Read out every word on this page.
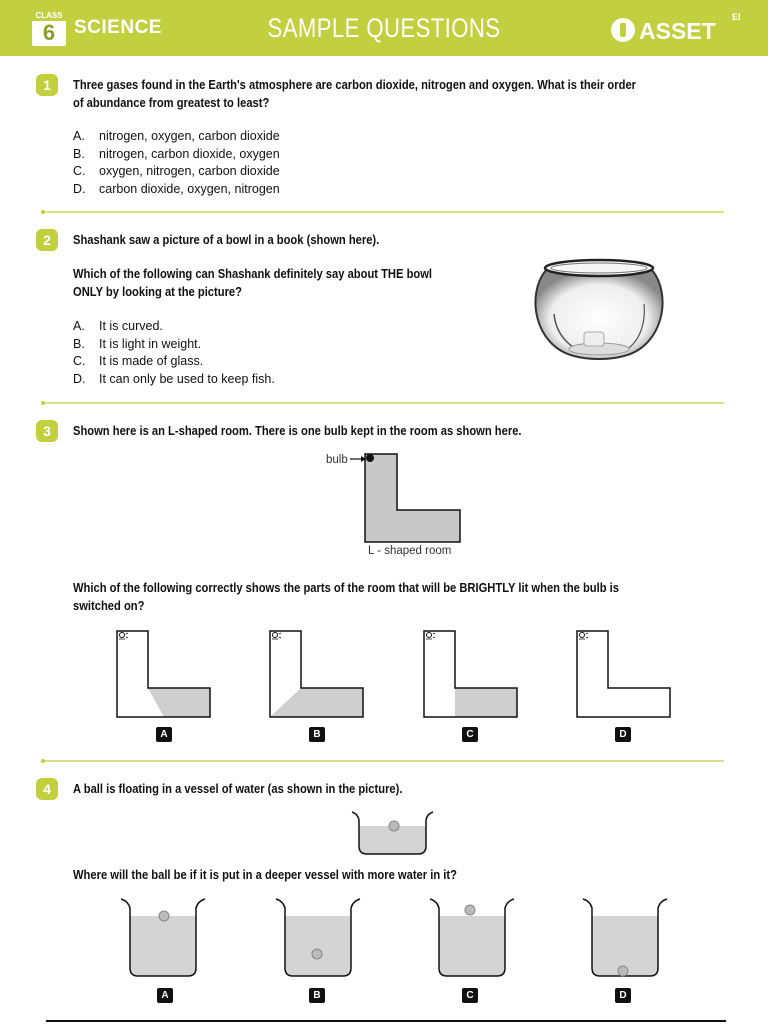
CLASS
6 SCIENCE	SAMPLE QUESTIONS	ASSET
EI
1	Three gases found in the Earth's atmosphere are carbon dioxide, nitrogen and oxygen. What is their order
of abundance from greatest to least?
A.	nitrogen, oxygen, carbon dioxide
B.	nitrogen, carbon dioxide, oxygen
C.	oxygen, nitrogen, carbon dioxide
D.	carbon dioxide, oxygen, nitrogen
2	Shashank saw a picture of a bowl in a book (shown here).
Which of the following can Shashank definitely say about THE bowl
ONLY by looking at the picture?
A.	It is curved.
B.	It is light in weight.
C.	It is made of glass.
D.	It can only be used to keep fish.
3	Shown here is an L-shaped room. There is one bulb kept in the room as shown here.
bulb
L - shaped room
Which of the following correctly shows the parts of the room that will be BRIGHTLY lit when the bulb is
switched on?
A	B	C	D
4	A ball is floating in a vessel of water (as shown in the picture).
Where will the ball be if it is put in a deeper vessel with more water in it?
A	B	C	D
